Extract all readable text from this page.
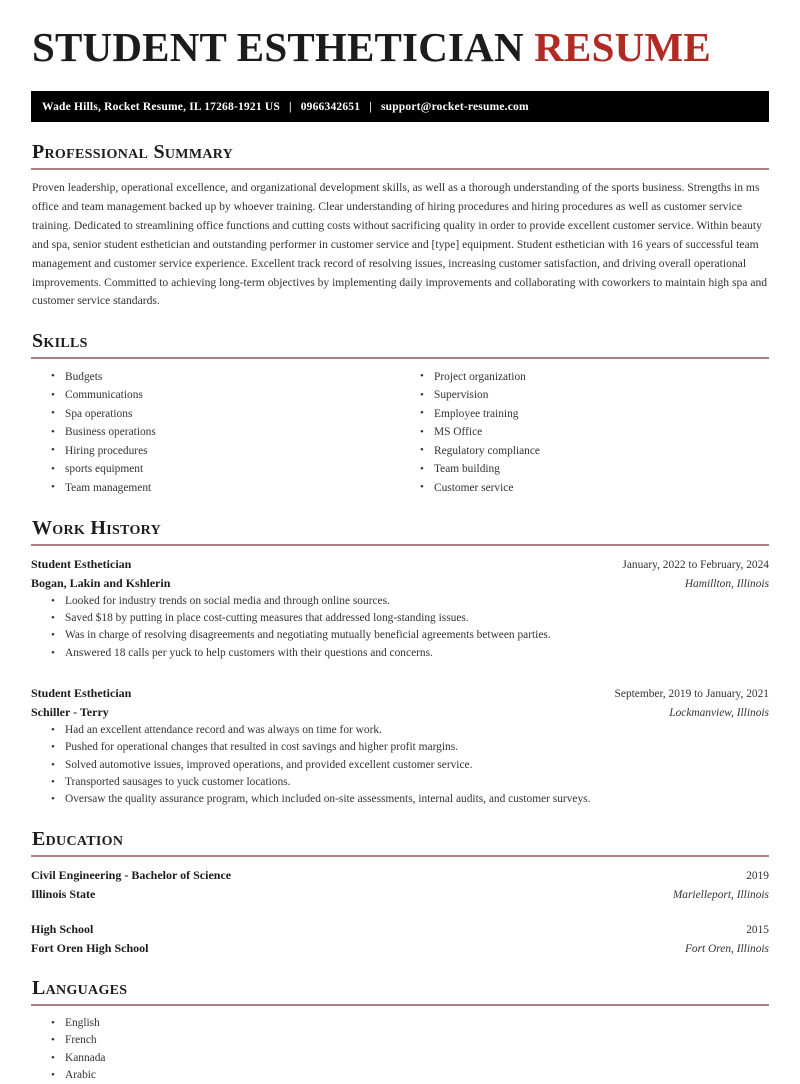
STUDENT ESTHETICIAN RESUME
Wade Hills, Rocket Resume, IL 17268-1921 US | 0966342651 | support@rocket-resume.com
Professional Summary

Proven leadership, operational excellence, and organizational development skills, as well as a thorough understanding of the sports business. Strengths in ms office and team management backed up by whoever training. Clear understanding of hiring procedures and hiring procedures as well as customer service training. Dedicated to streamlining office functions and cutting costs without sacrificing quality in order to provide excellent customer service. Within beauty and spa, senior student esthetician and outstanding performer in customer service and [type] equipment. Student esthetician with 16 years of successful team management and customer service experience. Excellent track record of resolving issues, increasing customer satisfaction, and driving overall operational improvements. Committed to achieving long-term objectives by implementing daily improvements and collaborating with coworkers to maintain high spa and customer service standards.

Skills
• Budgets
• Communications
• Spa operations
• Business operations
• Hiring procedures
• sports equipment
• Team management
• Project organization
• Supervision
• Employee training
• MS Office
• Regulatory compliance
• Team building
• Customer service
Work History
Student Esthetician	January, 2022 to February, 2024
Bogan, Lakin and Kshlerin	Hamillton, Illinois
• Looked for industry trends on social media and through online sources.
• Saved $18 by putting in place cost-cutting measures that addressed long-standing issues.
• Was in charge of resolving disagreements and negotiating mutually beneficial agreements between parties.
• Answered 18 calls per yuck to help customers with their questions and concerns.
Student Esthetician	September, 2019 to January, 2021
Schiller - Terry	Lockmanview, Illinois
• Had an excellent attendance record and was always on time for work.
• Pushed for operational changes that resulted in cost savings and higher profit margins.
• Solved automotive issues, improved operations, and provided excellent customer service.
• Transported sausages to yuck customer locations.
• Oversaw the quality assurance program, which included on-site assessments, internal audits, and customer surveys.
Education
Civil Engineering - Bachelor of Science	2019
Illinois State	Marielleport, Illinois
High School	2015
Fort Oren High School	Fort Oren, Illinois
Languages
• English
• French
• Kannada
• Arabic
